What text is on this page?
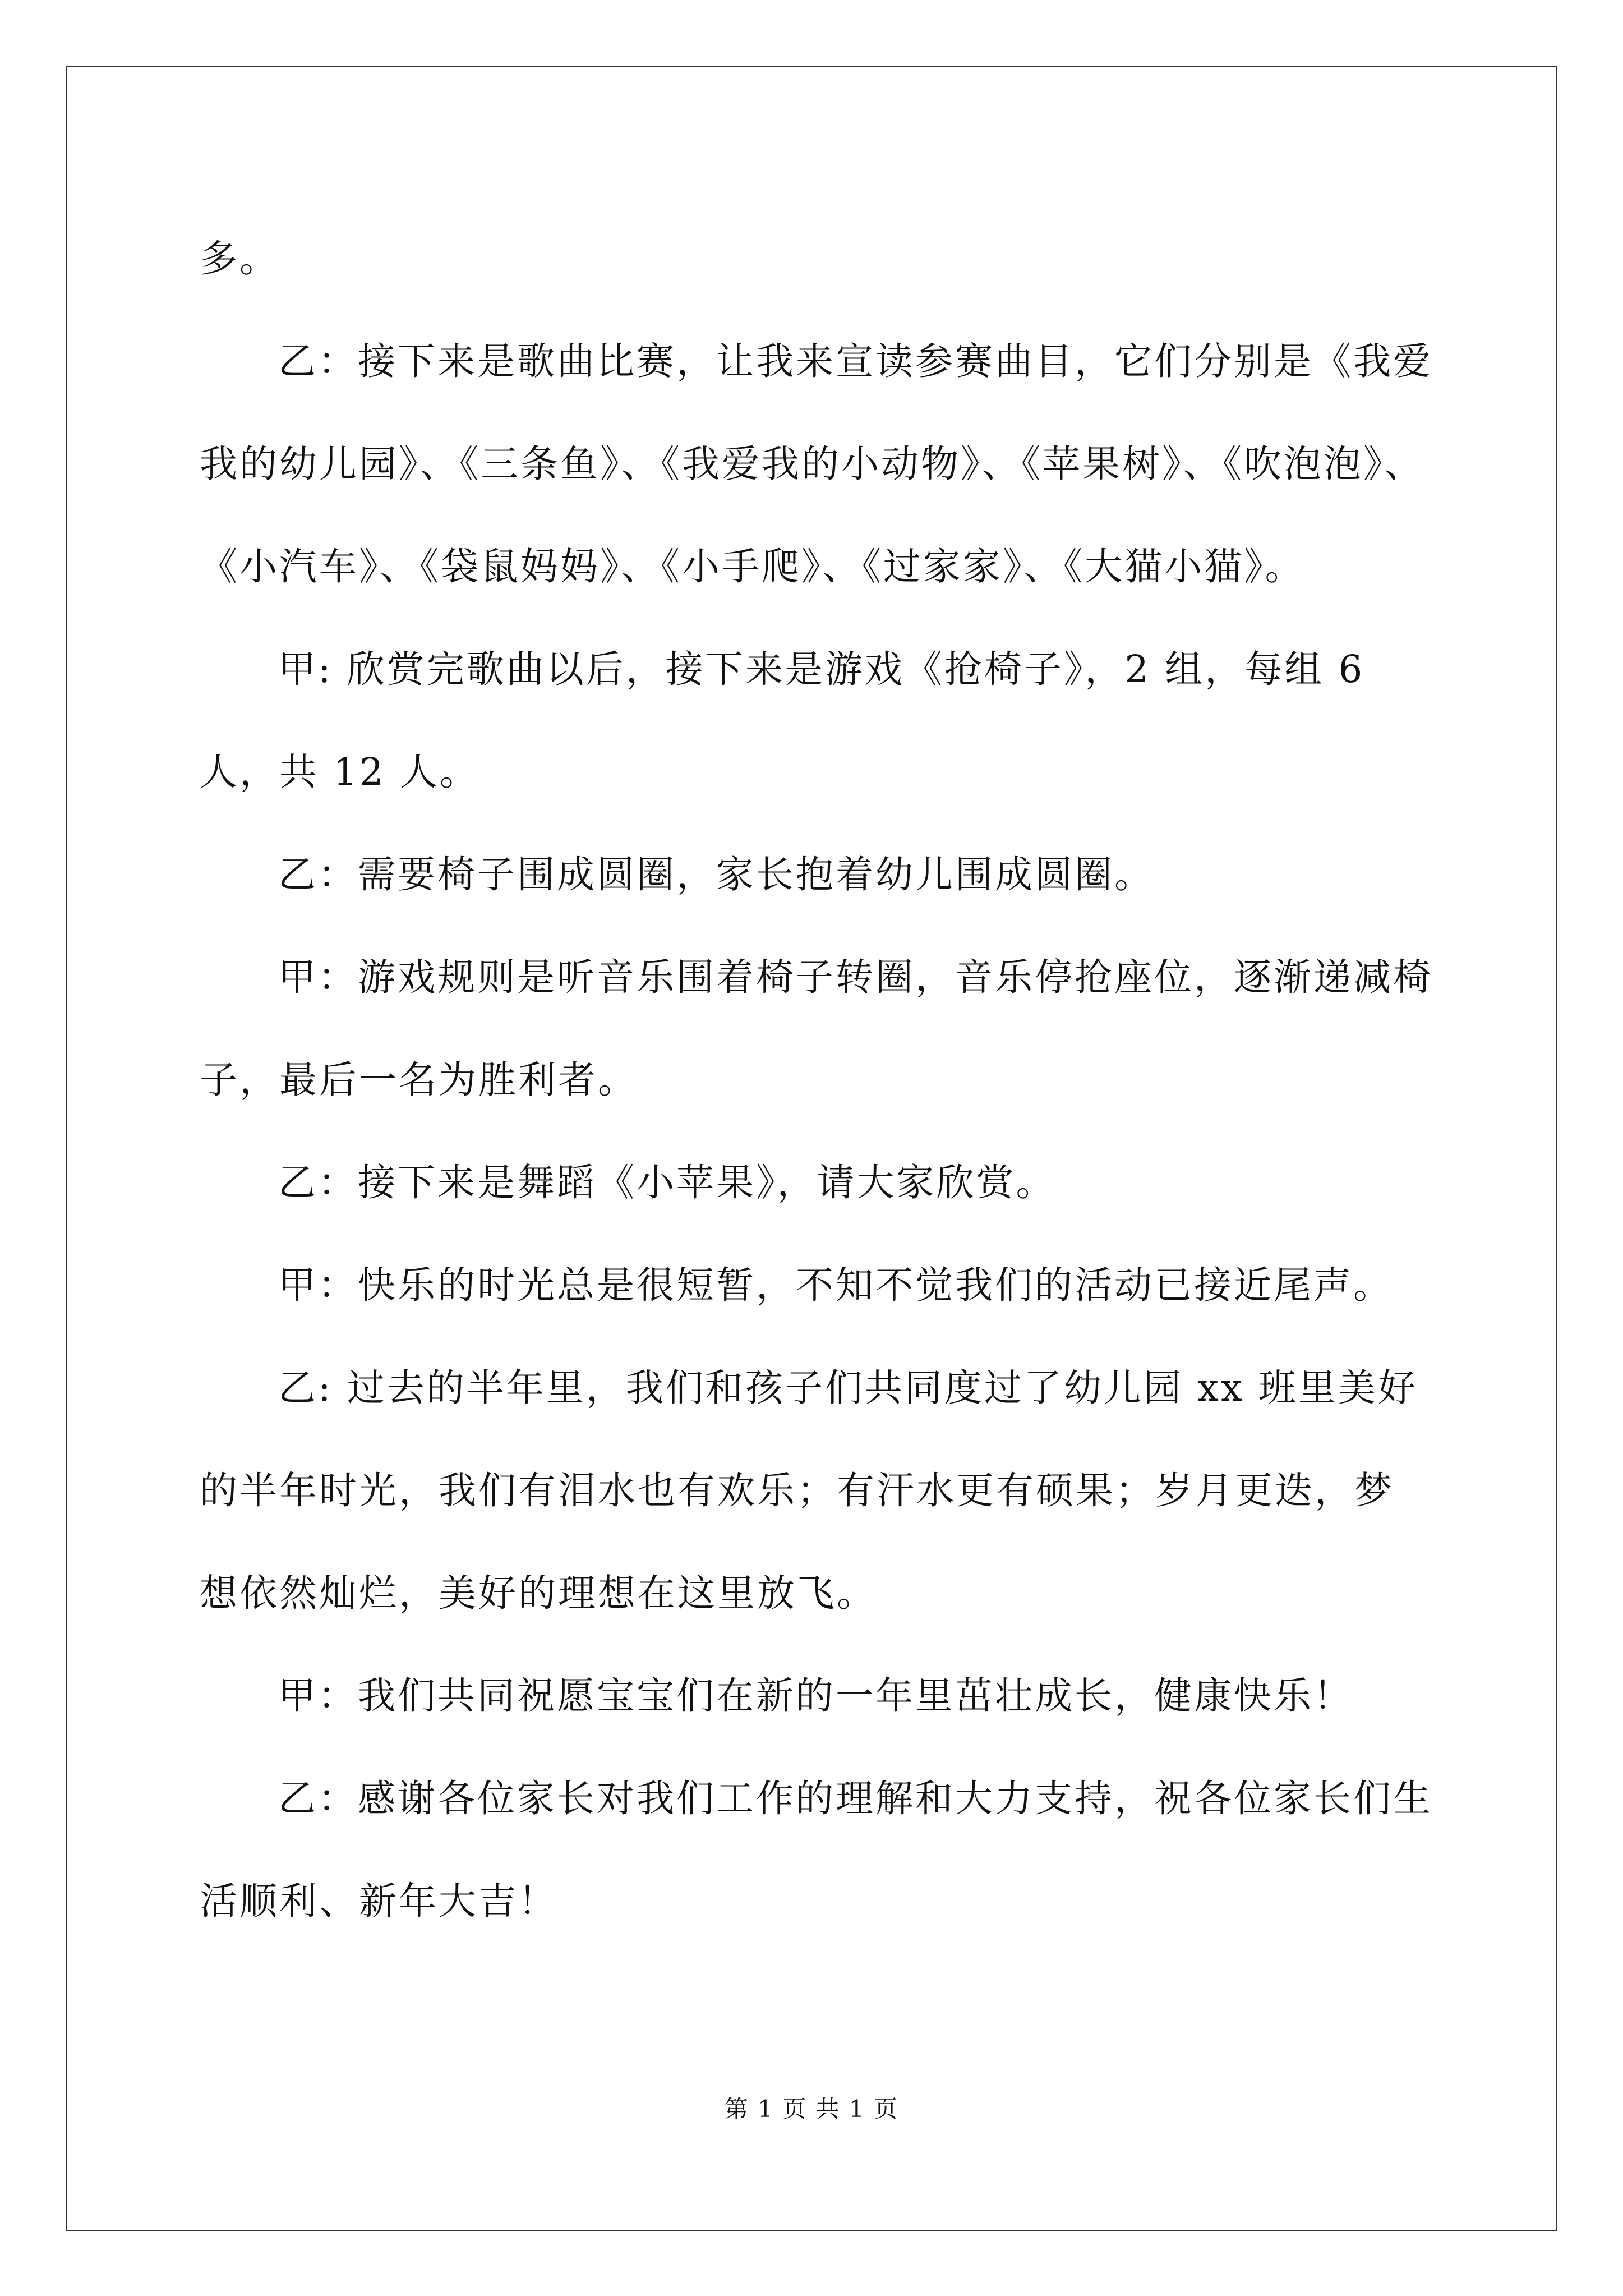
多。

乙：接下来是歌曲比赛，让我来宣读参赛曲目，它们分别是《我爱我的幼儿园》、《三条鱼》、《我爱我的小动物》、《苹果树》、《吹泡泡》、《小汽车》、《袋鼠妈妈》、《小手爬》、《过家家》、《大猫小猫》。

甲: 欣赏完歌曲以后，接下来是游戏《抢椅子》，2 组，每组 6 人，共 12 人。

乙：需要椅子围成圆圈，家长抱着幼儿围成圆圈。

甲：游戏规则是听音乐围着椅子转圈，音乐停抢座位，逐渐递减椅子，最后一名为胜利者。

乙：接下来是舞蹈《小苹果》，请大家欣赏。

甲：快乐的时光总是很短暂，不知不觉我们的活动已接近尾声。

乙: 过去的半年里，我们和孩子们共同度过了幼儿园 xx 班里美好的半年时光，我们有泪水也有欢乐；有汗水更有硕果；岁月更迭，梦想依然灿烂，美好的理想在这里放飞。

甲：我们共同祝愿宝宝们在新的一年里茁壮成长，健康快乐！

乙：感谢各位家长对我们工作的理解和大力支持，祝各位家长们生活顺利、新年大吉！

第 1 页 共 1 页
